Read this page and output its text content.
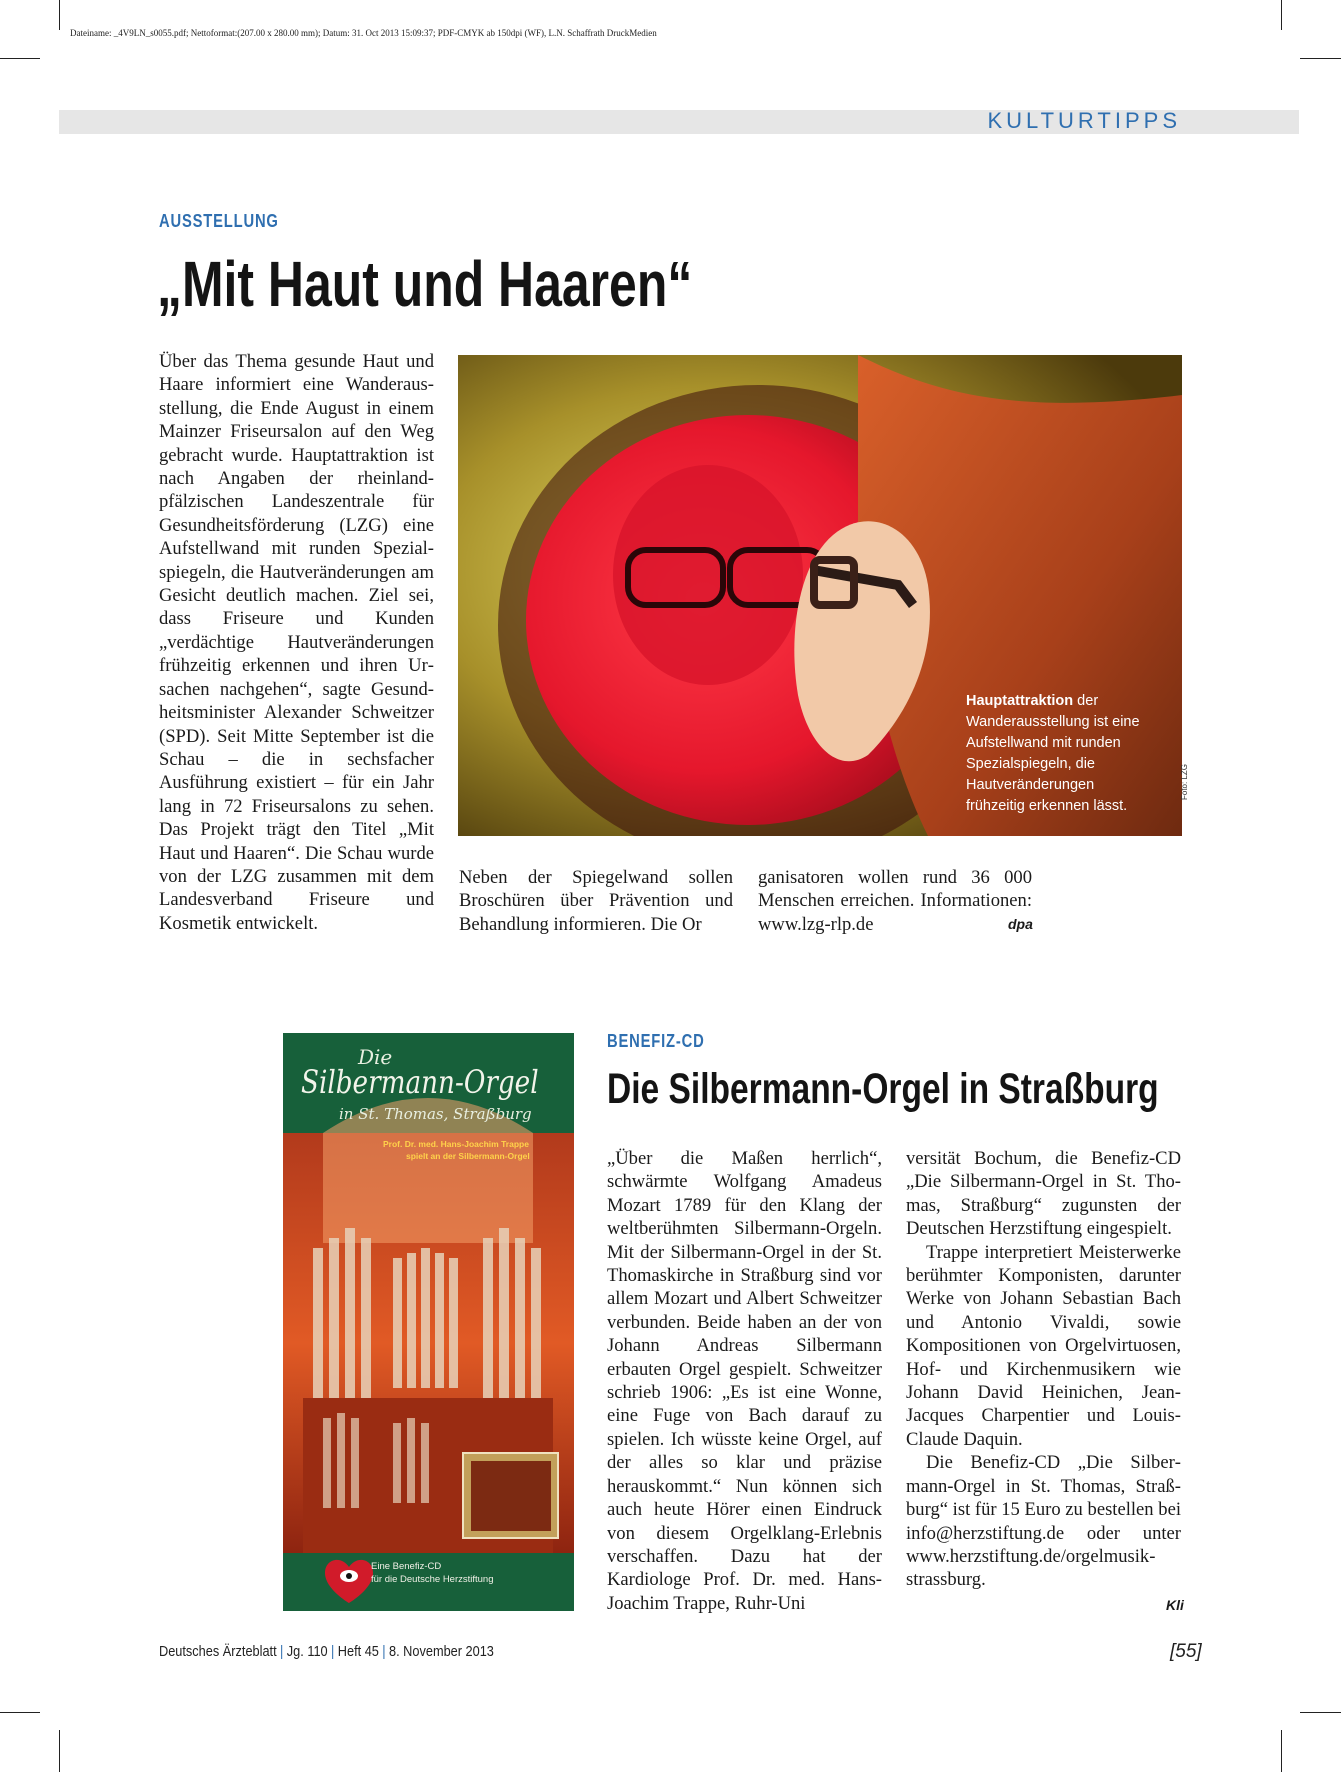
Dateiname: _4V9LN_s0055.pdf; Nettoformat:(207.00 x 280.00 mm); Datum: 31. Oct 2013 15:09:37; PDF-CMYK ab 150dpi (WF), L.N. Schaffrath DruckMedien
KULTURTIPPS
AUSSTELLUNG
„Mit Haut und Haaren“

Über das Thema gesunde Haut und Haare informiert eine Wanderausstellung, die Ende August in einem Mainzer Friseursalon auf den Weg gebracht wurde. Hauptattraktion ist nach Angaben der rheinland-pfälzischen Landeszentrale für Gesundheitsförderung (LZG) eine Aufstellwand mit runden Spezialspiegeln, die Hautveränderungen am Gesicht deutlich machen. Ziel sei, dass Friseure und Kunden „verdächtige Hautveränderungen frühzeitig erkennen und ihren Ursachen nachgehen“, sagte Gesundheitsminister Alexander Schweitzer (SPD). Seit Mitte September ist die Schau – die in sechsfacher Ausführung existiert – für ein Jahr lang in 72 Friseursalons zu sehen. Das Projekt trägt den Titel „Mit Haut und Haaren“. Die Schau wurde von der LZG zusammen mit dem Landesverband Friseure und Kosmetik entwickelt.

Hauptattraktion der Wanderausstellung ist eine Aufstellwand mit runden Spezialspiegeln, die Hautveränderungen frühzeitig erkennen lässt.
Foto: LZG

Neben der Spiegelwand sollen Broschüren über Prävention und Behandlung informieren. Die Or

ganisatoren wollen rund 36 000 Menschen erreichen. Informationen: www.lzg-rlp.de	dpa
Die
Silbermann-Orgel
in St. Thomas, Straßburg
Prof. Dr. med. Hans-Joachim Trappe
spielt an der Silbermann-Orgel
Eine Benefiz-CD
für die Deutsche Herzstiftung
BENEFIZ-CD
Die Silbermann-Orgel in Straßburg

„Über die Maßen herrlich“, schwärmte Wolfgang Amadeus Mozart 1789 für den Klang der weltberühmten Silbermann-Orgeln. Mit der Silbermann-Orgel in der St. Thomaskirche in Straßburg sind vor allem Mozart und Albert Schweitzer verbunden. Beide haben an der von Johann Andreas Silbermann erbauten Orgel gespielt. Schweitzer schrieb 1906: „Es ist eine Wonne, eine Fuge von Bach darauf zu spielen. Ich wüsste keine Orgel, auf der alles so klar und präzise herauskommt.“ Nun können sich auch heute Hörer einen Eindruck von diesem Orgelklang-Erlebnis verschaffen. Dazu hat der Kardiologe Prof. Dr. med. Hans-Joachim Trappe, Ruhr-Uni

versität Bochum, die Benefiz-CD „Die Silbermann-Orgel in St. Thomas, Straßburg“ zugunsten der Deutschen Herzstiftung eingespielt.

Trappe interpretiert Meisterwerke berühmter Komponisten, darunter Werke von Johann Sebastian Bach und Antonio Vivaldi, sowie Kompositionen von Orgelvirtuosen, Hof- und Kirchenmusikern wie Johann David Heinichen, Jean-Jacques Charpentier und Louis-Claude Daquin.

Die Benefiz-CD „Die Silbermann-Orgel in St. Thomas, Straßburg“ ist für 15 Euro zu bestellen bei info@herzstiftung.de oder unter www.herzstiftung.de/orgelmusik-strassburg.

Kli
Deutsches Ärzteblatt | Jg. 110 | Heft 45 | 8. November 2013	[55]
